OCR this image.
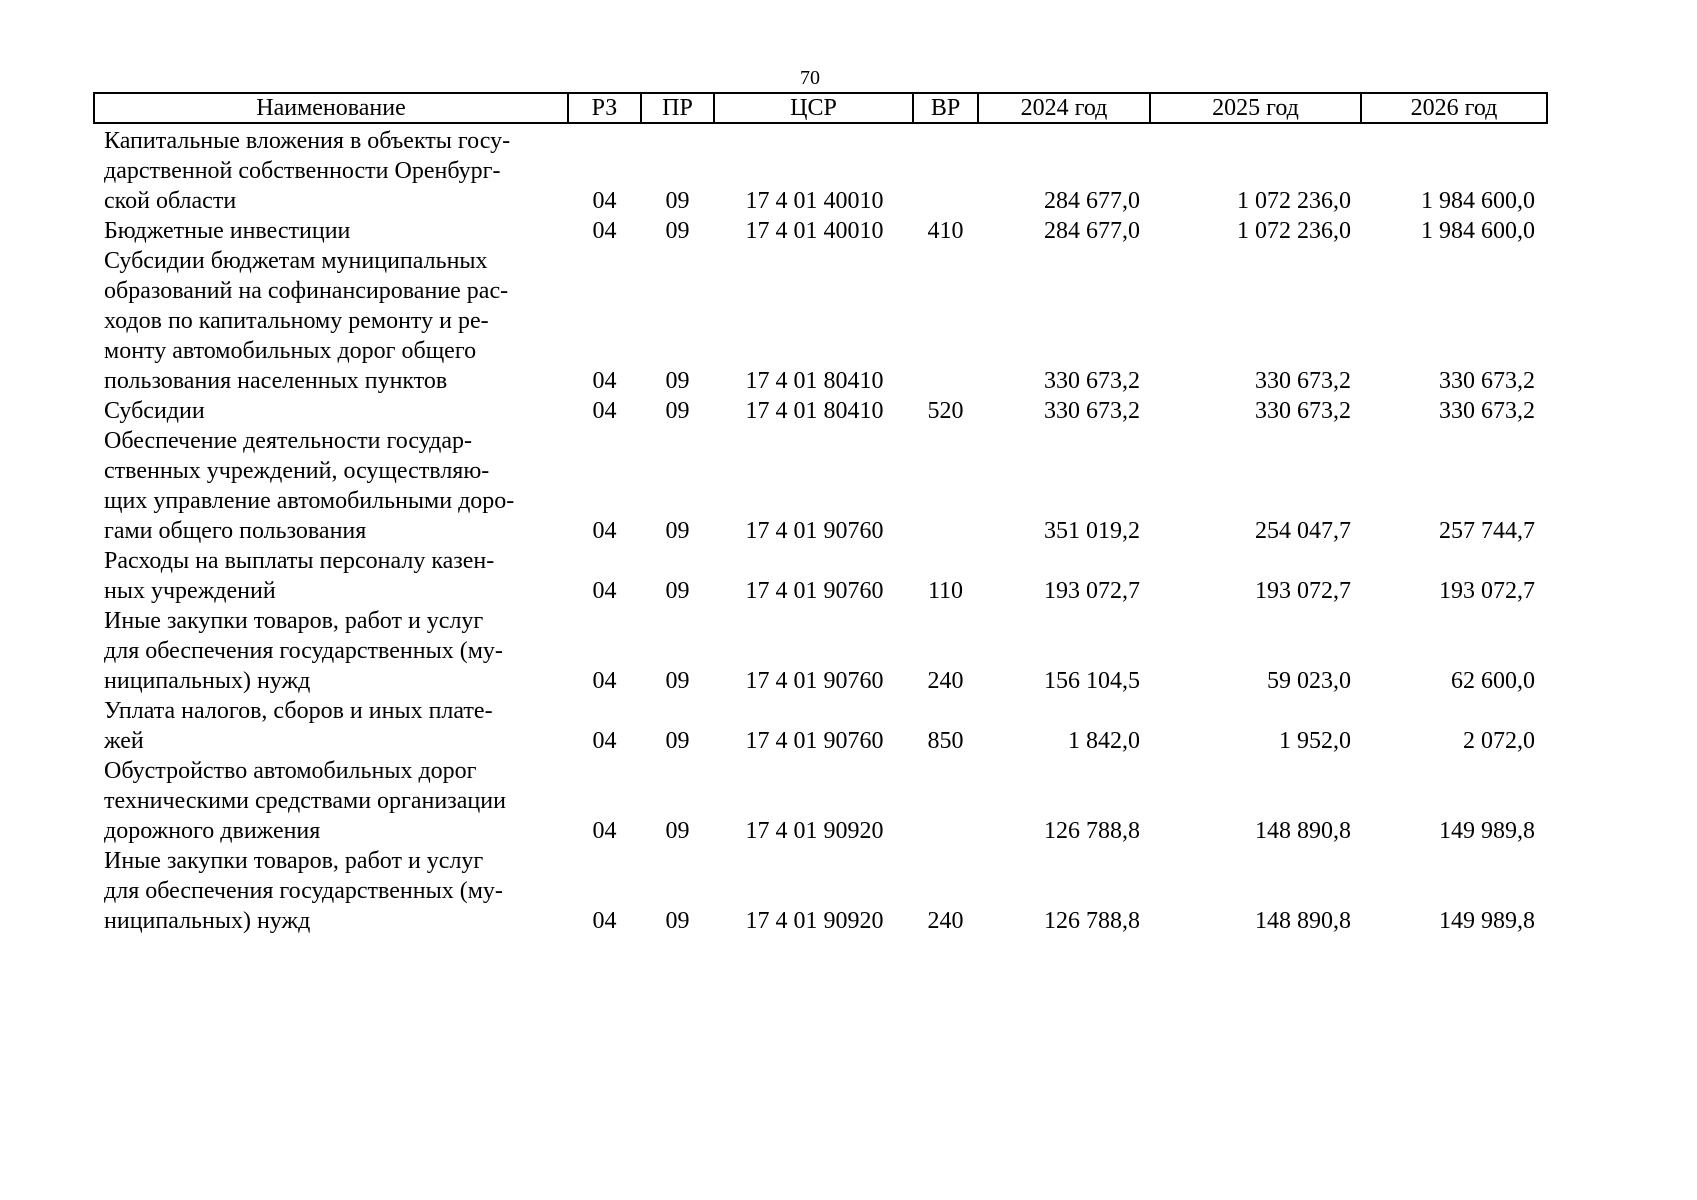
70
Наименование	РЗ	ПР	ЦСР	ВР	2024 год	2025 год	2026 год

Капитальные вложения в объекты госу-
дарственной собственности Оренбург-
ской области	04	09	17 4 01 40010		284 677,0	1 072 236,0	1 984 600,0

Бюджетные инвестиции	04	09	17 4 01 40010	410	284 677,0	1 072 236,0	1 984 600,0

Субсидии бюджетам муниципальных
образований на софинансирование рас-
ходов по капитальному ремонту и ре-
монту автомобильных дорог общего
пользования населенных пунктов	04	09	17 4 01 80410		330 673,2	330 673,2	330 673,2

Субсидии	04	09	17 4 01 80410	520	330 673,2	330 673,2	330 673,2

Обеспечение деятельности государ-
ственных учреждений, осуществляю-
щих управление автомобильными доро-
гами общего пользования	04	09	17 4 01 90760		351 019,2	254 047,7	257 744,7

Расходы на выплаты персоналу казен-
ных учреждений	04	09	17 4 01 90760	110	193 072,7	193 072,7	193 072,7

Иные закупки товаров, работ и услуг
для обеспечения государственных (му-
ниципальных) нужд	04	09	17 4 01 90760	240	156 104,5	59 023,0	62 600,0

Уплата налогов, сборов и иных плате-
жей	04	09	17 4 01 90760	850	1 842,0	1 952,0	2 072,0

Обустройство автомобильных дорог
техническими средствами организации
дорожного движения	04	09	17 4 01 90920		126 788,8	148 890,8	149 989,8

Иные закупки товаров, работ и услуг
для обеспечения государственных (му-
ниципальных) нужд	04	09	17 4 01 90920	240	126 788,8	148 890,8	149 989,8
